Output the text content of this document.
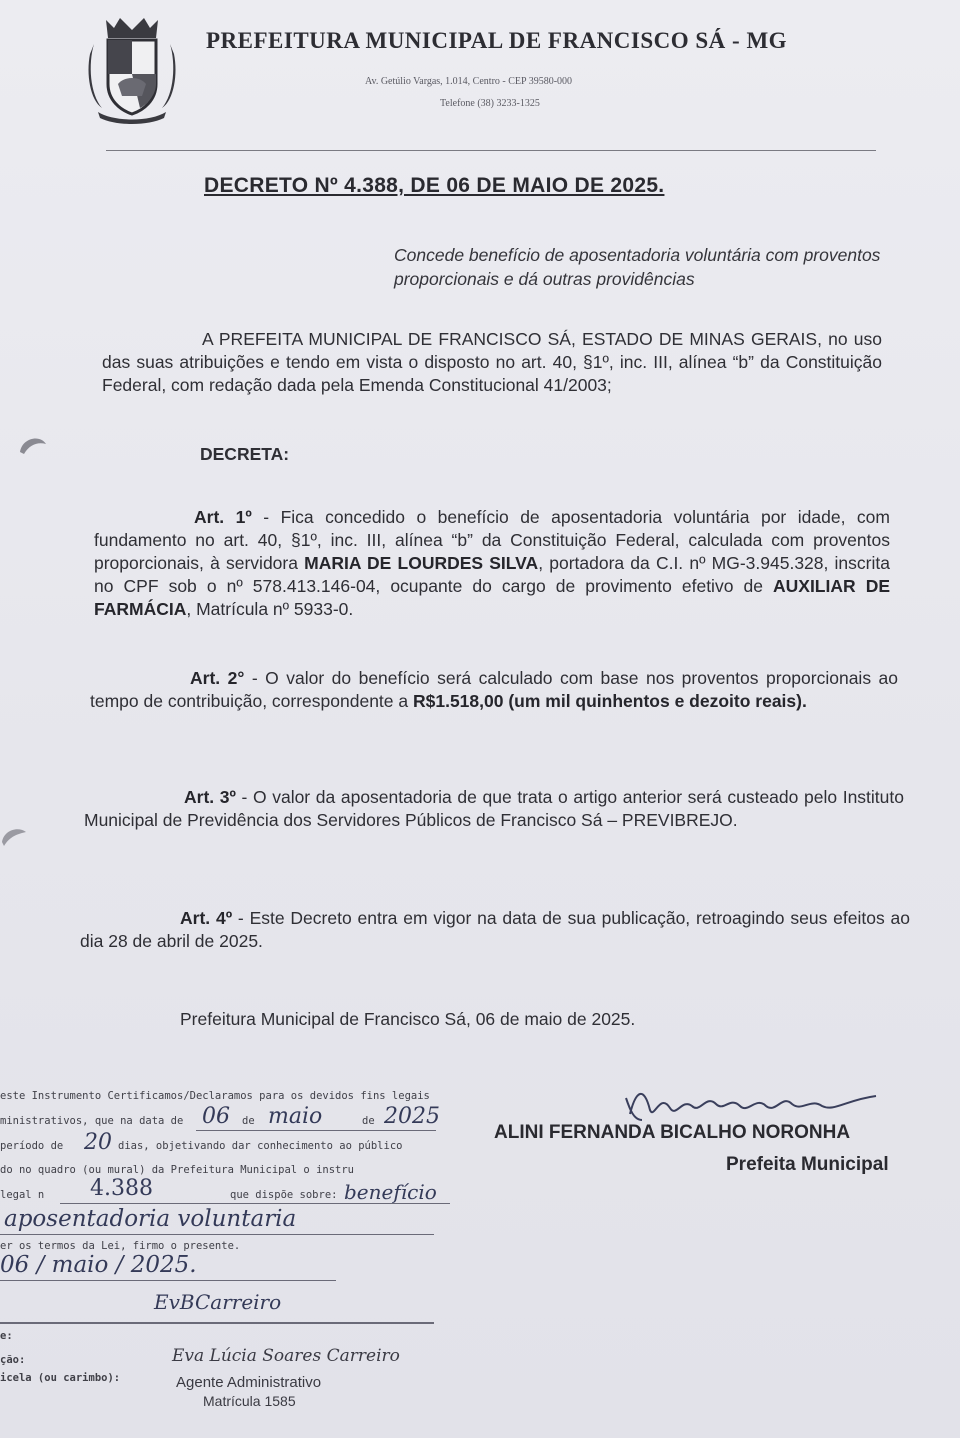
PREFEITURA MUNICIPAL DE FRANCISCO SÁ - MG
Av. Getúlio Vargas, 1.014, Centro - CEP 39580-000
Telefone (38) 3233-1325
DECRETO Nº 4.388, DE 06 DE MAIO DE 2025.
Concede benefício de aposentadoria voluntária com proventos proporcionais e dá outras providências
A PREFEITA MUNICIPAL DE FRANCISCO SÁ, ESTADO DE MINAS GERAIS, no uso das suas atribuições e tendo em vista o disposto no art. 40, §1º, inc. III, alínea “b” da Constituição Federal, com redação dada pela Emenda Constitucional 41/2003;
DECRETA:
Art. 1º - Fica concedido o benefício de aposentadoria voluntária por idade, com fundamento no art. 40, §1º, inc. III, alínea “b” da Constituição Federal, calculada com proventos proporcionais, à servidora MARIA DE LOURDES SILVA, portadora da C.I. nº MG-3.945.328, inscrita no CPF sob o nº 578.413.146-04, ocupante do cargo de provimento efetivo de AUXILIAR DE FARMÁCIA, Matrícula nº 5933-0.
Art. 2° - O valor do benefício será calculado com base nos proventos proporcionais ao tempo de contribuição, correspondente a R$1.518,00 (um mil quinhentos e dezoito reais).
Art. 3º - O valor da aposentadoria de que trata o artigo anterior será custeado pelo Instituto Municipal de Previdência dos Servidores Públicos de Francisco Sá – PREVIBREJO.
Art. 4º - Este Decreto entra em vigor na data de sua publicação, retroagindo seus efeitos ao dia 28 de abril de 2025.
Prefeitura Municipal de Francisco Sá, 06 de maio de 2025.
ALINI FERNANDA BICALHO NORONHA
Prefeita Municipal
este Instrumento Certificamos/Declaramos para os devidos fins legais
ministrativos, que na data de 06 de maio	de 2025
período de 20 dias, objetivando dar conhecimento ao público
do no quadro (ou mural) da Prefeitura Municipal o instru
legal n 4.388	que dispõe sobre: benefício
aposentadoria voluntaria
er os termos da Lei, firmo o presente.
06 / maio / 2025.
EvBCarreiro
e:
ção:
icela (ou carimbo):
Eva Lúcia Soares Carreiro
Agente Administrativo
Matrícula 1585
